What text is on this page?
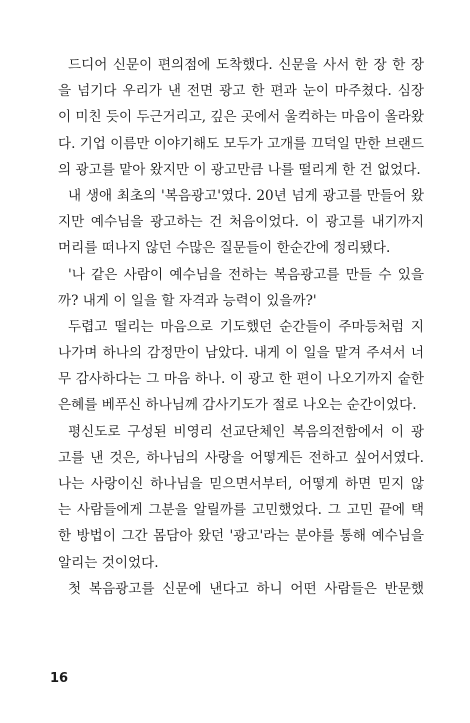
드디어 신문이 편의점에 도착했다. 신문을 사서 한 장 한 장
을 넘기다 우리가 낸 전면 광고 한 편과 눈이 마주쳤다. 심장
이 미친 듯이 두근거리고, 깊은 곳에서 울컥하는 마음이 올라왔
다. 기업 이름만 이야기해도 모두가 고개를 끄덕일 만한 브랜드
의 광고를 맡아 왔지만 이 광고만큼 나를 떨리게 한 건 없었다.
내 생애 최초의 '복음광고'였다. 20년 넘게 광고를 만들어 왔
지만 예수님을 광고하는 건 처음이었다. 이 광고를 내기까지
머리를 떠나지 않던 수많은 질문들이 한순간에 정리됐다.
'나 같은 사람이 예수님을 전하는 복음광고를 만들 수 있을
까? 내게 이 일을 할 자격과 능력이 있을까?'
두렵고 떨리는 마음으로 기도했던 순간들이 주마등처럼 지
나가며 하나의 감정만이 남았다. 내게 이 일을 맡겨 주셔서 너
무 감사하다는 그 마음 하나. 이 광고 한 편이 나오기까지 숱한
은혜를 베푸신 하나님께 감사기도가 절로 나오는 순간이었다.
평신도로 구성된 비영리 선교단체인 복음의전함에서 이 광
고를 낸 것은, 하나님의 사랑을 어떻게든 전하고 싶어서였다.
나는 사랑이신 하나님을 믿으면서부터, 어떻게 하면 믿지 않
는 사람들에게 그분을 알릴까를 고민했었다. 그 고민 끝에 택
한 방법이 그간 몸담아 왔던 '광고'라는 분야를 통해 예수님을
알리는 것이었다.
첫 복음광고를 신문에 낸다고 하니 어떤 사람들은 반문했
16
